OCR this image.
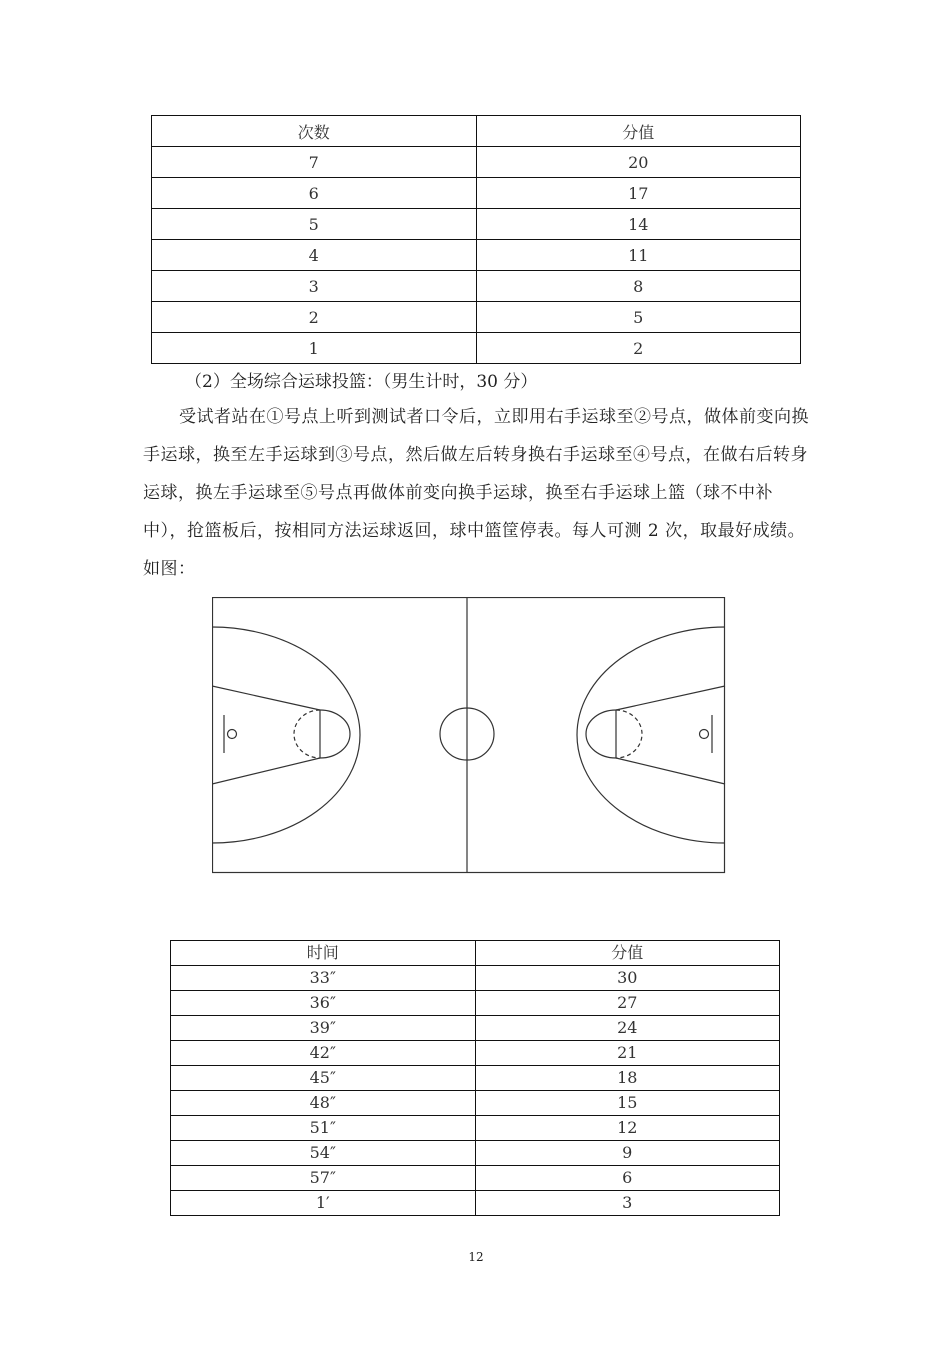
次数	分值
7	20
6	17
5	14
4	11
3	8
2	5
1	2

（2）全场综合运球投篮：（男生计时，30 分）

受试者站在①号点上听到测试者口令后，立即用右手运球至②号点，做体前变向换手运球，换至左手运球到③号点，然后做左后转身换右手运球至④号点，在做右后转身运球，换左手运球至⑤号点再做体前变向换手运球，换至右手运球上篮（球不中补中），抢篮板后，按相同方法运球返回，球中篮筐停表。每人可测 2 次，取最好成绩。如图：

时间	分值
33″	30
36″	27
39″	24
42″	21
45″	18
48″	15
51″	12
54″	9
57″	6
1′	3
12
